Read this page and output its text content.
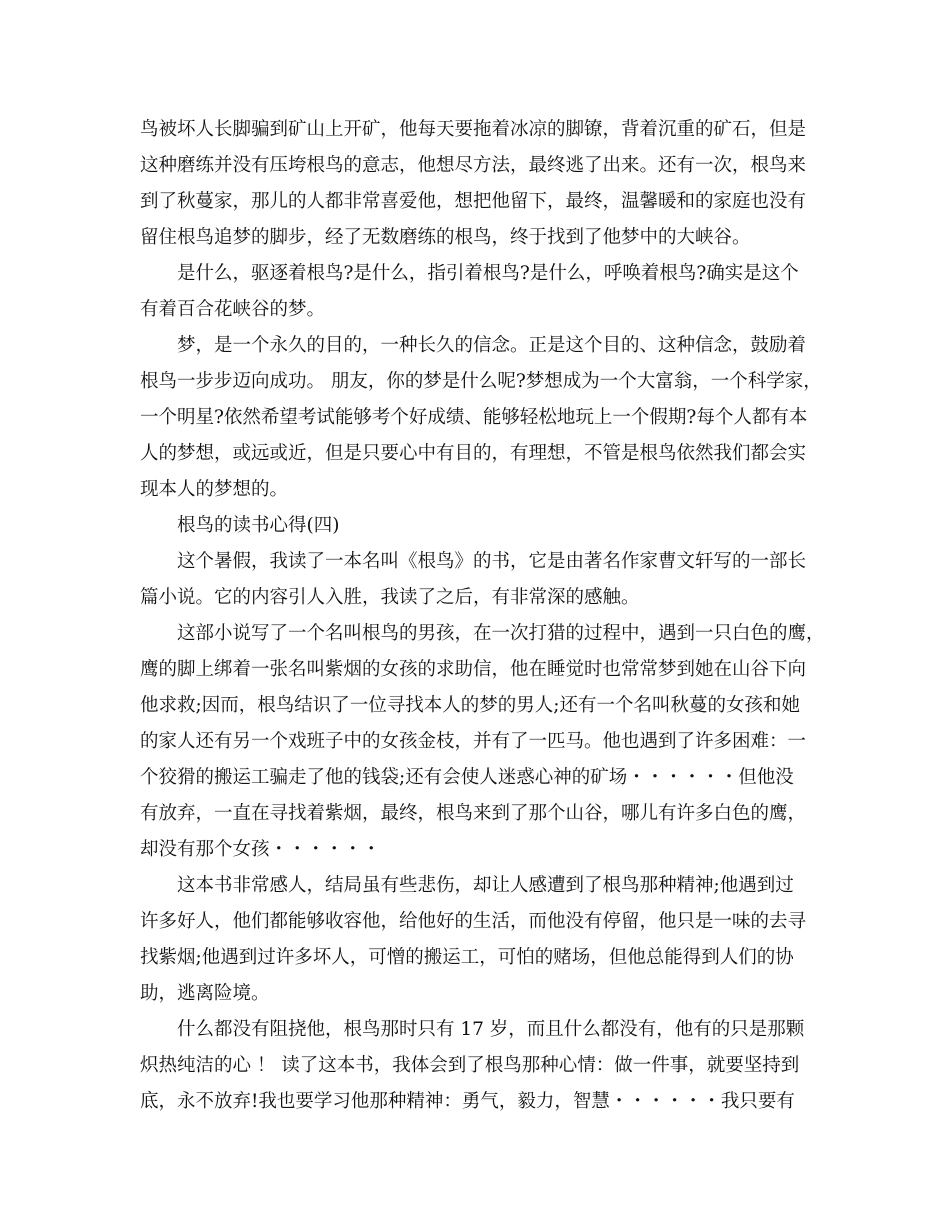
鸟被坏人长脚骗到矿山上开矿，他每天要拖着冰凉的脚镣，背着沉重的矿石，但是
这种磨练并没有压垮根鸟的意志，他想尽方法，最终逃了出来。还有一次，根鸟来
到了秋蔓家，那儿的人都非常喜爱他，想把他留下，最终，温馨暖和的家庭也没有
留住根鸟追梦的脚步，经了无数磨练的根鸟，终于找到了他梦中的大峡谷。
是什么，驱逐着根鸟?是什么，指引着根鸟?是什么，呼唤着根鸟?确实是这个
有着百合花峡谷的梦。
梦，是一个永久的目的，一种长久的信念。正是这个目的、这种信念，鼓励着
根鸟一步步迈向成功。 朋友，你的梦是什么呢?梦想成为一个大富翁，一个科学家，
一个明星?依然希望考试能够考个好成绩、能够轻松地玩上一个假期?每个人都有本
人的梦想，或远或近，但是只要心中有目的，有理想，不管是根鸟依然我们都会实
现本人的梦想的。
根鸟的读书心得(四)
这个暑假，我读了一本名叫《根鸟》的书，它是由著名作家曹文轩写的一部长
篇小说。它的内容引人入胜，我读了之后，有非常深的感触。
这部小说写了一个名叫根鸟的男孩，在一次打猎的过程中，遇到一只白色的鹰，
鹰的脚上绑着一张名叫紫烟的女孩的求助信，他在睡觉时也常常梦到她在山谷下向
他求救;因而，根鸟结识了一位寻找本人的梦的男人;还有一个名叫秋蔓的女孩和她
的家人还有另一个戏班子中的女孩金枝，并有了一匹马。他也遇到了许多困难：一
个狡猾的搬运工骗走了他的钱袋;还有会使人迷惑心神的矿场・・・・・・但他没
有放弃，一直在寻找着紫烟，最终，根鸟来到了那个山谷，哪儿有许多白色的鹰，
却没有那个女孩・・・・・・
这本书非常感人，结局虽有些悲伤，却让人感遭到了根鸟那种精神;他遇到过
许多好人，他们都能够收容他，给他好的生活，而他没有停留，他只是一味的去寻
找紫烟;他遇到过许多坏人，可憎的搬运工，可怕的赌场，但他总能得到人们的协
助，逃离险境。
什么都没有阻挠他，根鸟那时只有 17 岁，而且什么都没有，他有的只是那颗
炽热纯洁的心 ！ 读了这本书，我体会到了根鸟那种心情：做一件事，就要坚持到
底，永不放弃!我也要学习他那种精神：勇气，毅力，智慧・・・・・・我只要有
